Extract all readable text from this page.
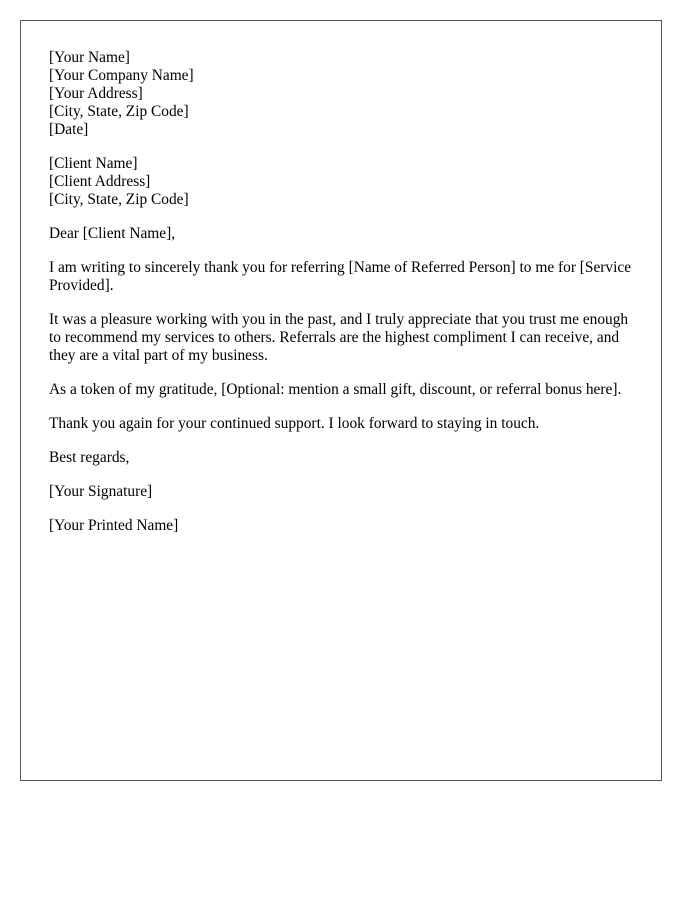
[Your Name]
[Your Company Name]
[Your Address]
[City, State, Zip Code]
[Date]
[Client Name]
[Client Address]
[City, State, Zip Code]

Dear [Client Name],

I am writing to sincerely thank you for referring [Name of Referred Person] to me for [Service Provided].

It was a pleasure working with you in the past, and I truly appreciate that you trust me enough to recommend my services to others. Referrals are the highest compliment I can receive, and they are a vital part of my business.

As a token of my gratitude, [Optional: mention a small gift, discount, or referral bonus here].

Thank you again for your continued support. I look forward to staying in touch.

Best regards,

[Your Signature]

[Your Printed Name]
